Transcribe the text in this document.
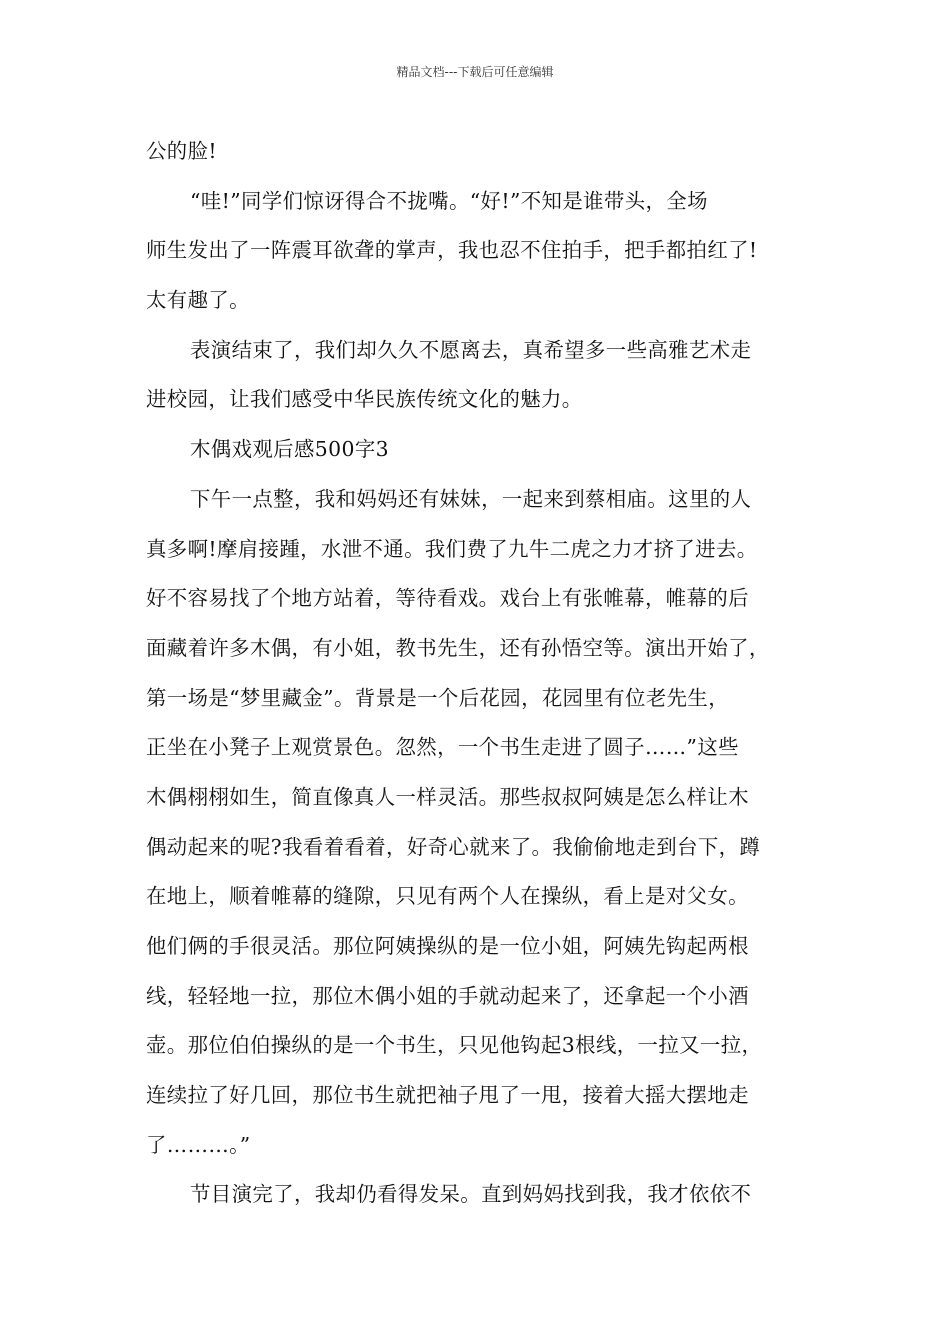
精品文档---下载后可任意编辑
公的脸!
“哇!”同学们惊讶得合不拢嘴。“好!”不知是谁带头，全场
师生发出了一阵震耳欲聋的掌声，我也忍不住拍手，把手都拍红了!
太有趣了。
表演结束了，我们却久久不愿离去，真希望多一些高雅艺术走
进校园，让我们感受中华民族传统文化的魅力。
木偶戏观后感500字3
下午一点整，我和妈妈还有妹妹，一起来到蔡相庙。这里的人
真多啊!摩肩接踵，水泄不通。我们费了九牛二虎之力才挤了进去。
好不容易找了个地方站着，等待看戏。戏台上有张帷幕，帷幕的后
面藏着许多木偶，有小姐，教书先生，还有孙悟空等。演出开始了，
第一场是“梦里藏金”。背景是一个后花园，花园里有位老先生，
正坐在小凳子上观赏景色。忽然，一个书生走进了圆子……”这些
木偶栩栩如生，简直像真人一样灵活。那些叔叔阿姨是怎么样让木
偶动起来的呢?我看着看着，好奇心就来了。我偷偷地走到台下，蹲
在地上，顺着帷幕的缝隙，只见有两个人在操纵，看上是对父女。
他们俩的手很灵活。那位阿姨操纵的是一位小姐，阿姨先钩起两根
线，轻轻地一拉，那位木偶小姐的手就动起来了，还拿起一个小酒
壶。那位伯伯操纵的是一个书生，只见他钩起3根线，一拉又一拉，
连续拉了好几回，那位书生就把袖子甩了一甩，接着大摇大摆地走
了………。”
节目演完了，我却仍看得发呆。直到妈妈找到我，我才依依不
